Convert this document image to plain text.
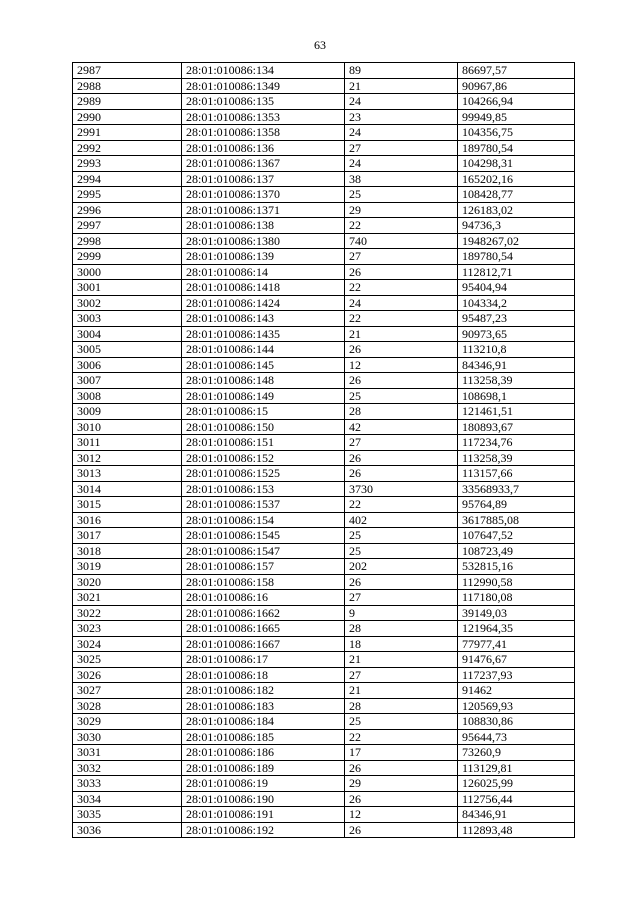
63
2987	28:01:010086:134	89	86697,57
2988	28:01:010086:1349	21	90967,86
2989	28:01:010086:135	24	104266,94
2990	28:01:010086:1353	23	99949,85
2991	28:01:010086:1358	24	104356,75
2992	28:01:010086:136	27	189780,54
2993	28:01:010086:1367	24	104298,31
2994	28:01:010086:137	38	165202,16
2995	28:01:010086:1370	25	108428,77
2996	28:01:010086:1371	29	126183,02
2997	28:01:010086:138	22	94736,3
2998	28:01:010086:1380	740	1948267,02
2999	28:01:010086:139	27	189780,54
3000	28:01:010086:14	26	112812,71
3001	28:01:010086:1418	22	95404,94
3002	28:01:010086:1424	24	104334,2
3003	28:01:010086:143	22	95487,23
3004	28:01:010086:1435	21	90973,65
3005	28:01:010086:144	26	113210,8
3006	28:01:010086:145	12	84346,91
3007	28:01:010086:148	26	113258,39
3008	28:01:010086:149	25	108698,1
3009	28:01:010086:15	28	121461,51
3010	28:01:010086:150	42	180893,67
3011	28:01:010086:151	27	117234,76
3012	28:01:010086:152	26	113258,39
3013	28:01:010086:1525	26	113157,66
3014	28:01:010086:153	3730	33568933,7
3015	28:01:010086:1537	22	95764,89
3016	28:01:010086:154	402	3617885,08
3017	28:01:010086:1545	25	107647,52
3018	28:01:010086:1547	25	108723,49
3019	28:01:010086:157	202	532815,16
3020	28:01:010086:158	26	112990,58
3021	28:01:010086:16	27	117180,08
3022	28:01:010086:1662	9	39149,03
3023	28:01:010086:1665	28	121964,35
3024	28:01:010086:1667	18	77977,41
3025	28:01:010086:17	21	91476,67
3026	28:01:010086:18	27	117237,93
3027	28:01:010086:182	21	91462
3028	28:01:010086:183	28	120569,93
3029	28:01:010086:184	25	108830,86
3030	28:01:010086:185	22	95644,73
3031	28:01:010086:186	17	73260,9
3032	28:01:010086:189	26	113129,81
3033	28:01:010086:19	29	126025,99
3034	28:01:010086:190	26	112756,44
3035	28:01:010086:191	12	84346,91
3036	28:01:010086:192	26	112893,48
